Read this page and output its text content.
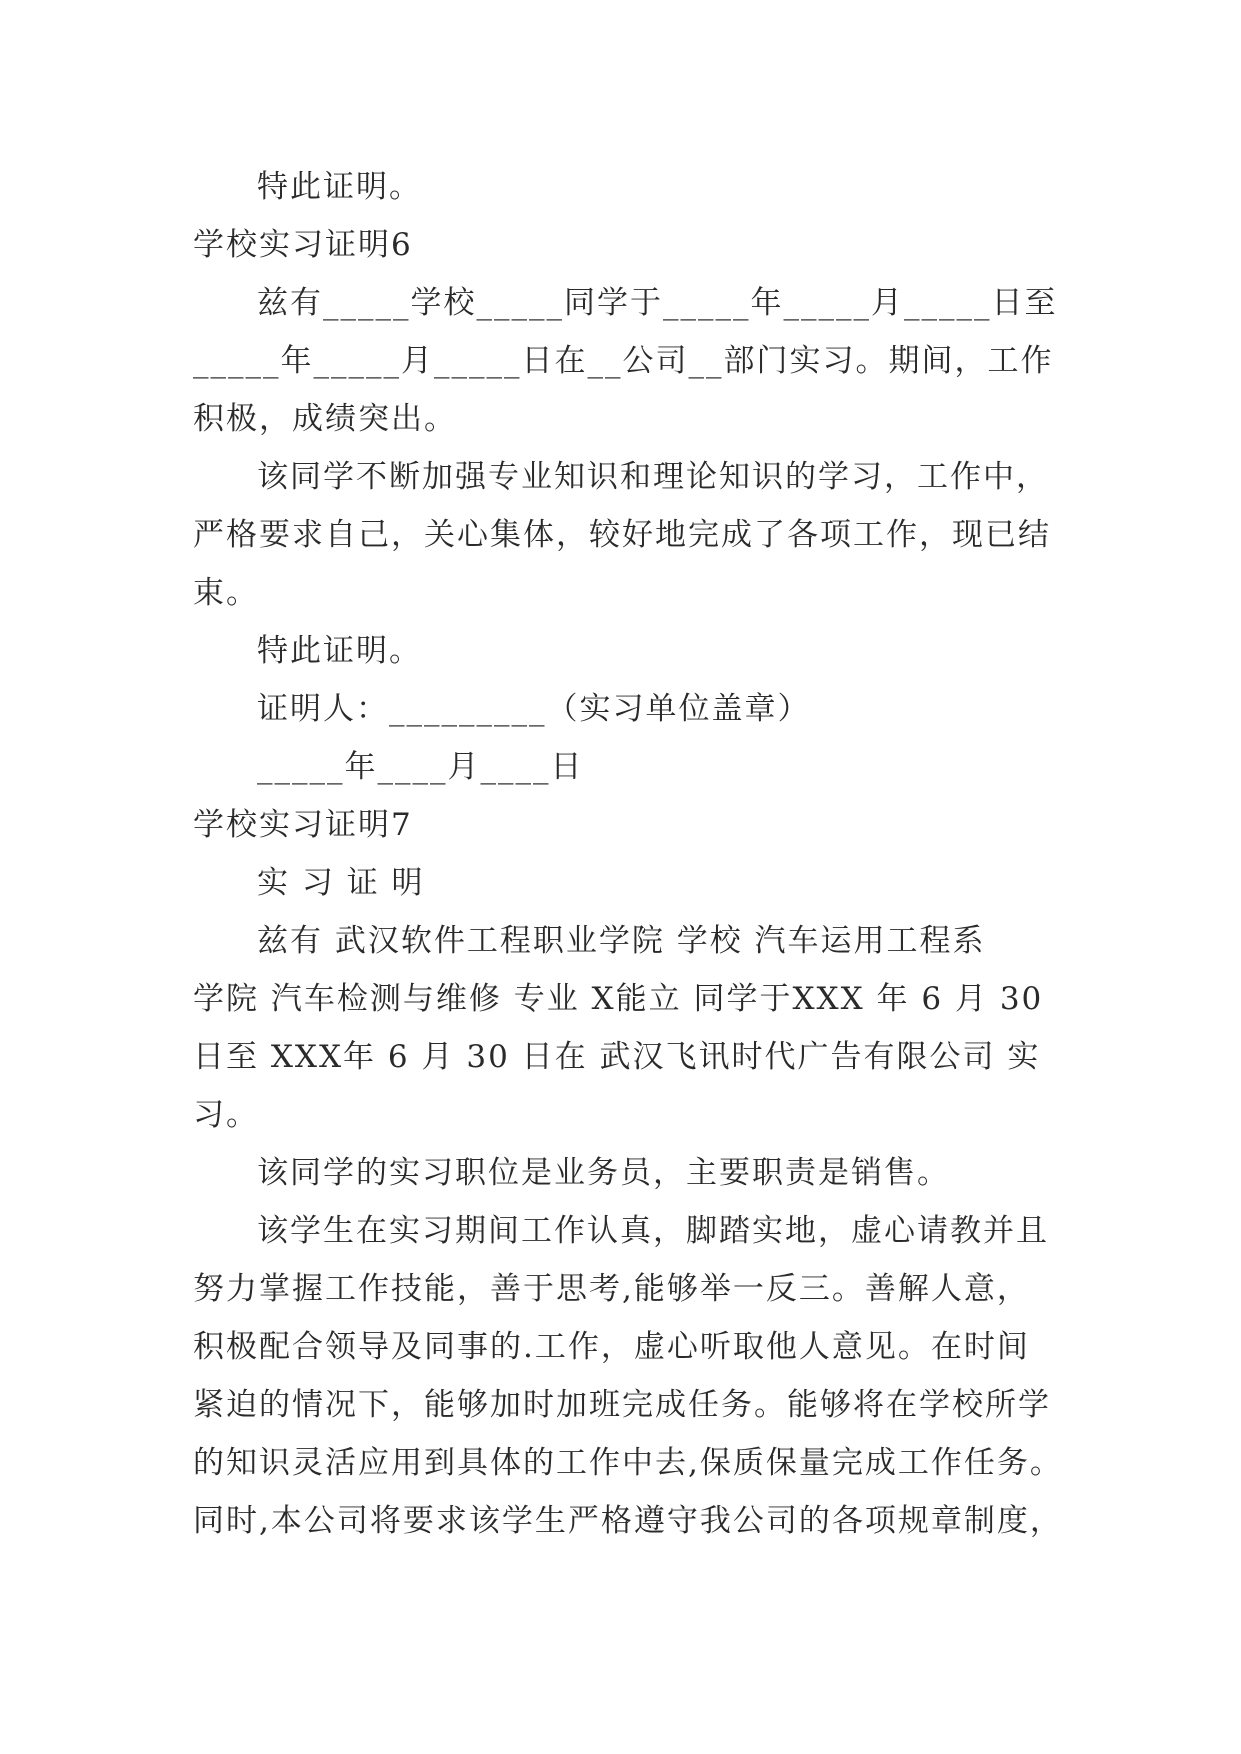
特此证明。
学校实习证明6
兹有_____学校_____同学于_____年_____月_____日至
_____年_____月_____日在__公司__部门实习。期间，工作
积极，成绩突出。
该同学不断加强专业知识和理论知识的学习，工作中，
严格要求自己，关心集体，较好地完成了各项工作，现已结
束。
特此证明。
证明人：_________（实习单位盖章）
_____年____月____日
学校实习证明7
实 习 证 明
兹有 武汉软件工程职业学院 学校 汽车运用工程系
学院 汽车检测与维修 专业 X能立 同学于XXX 年 6 月 30
日至 XXX年 6 月 30 日在 武汉飞讯时代广告有限公司 实
习。
该同学的实习职位是业务员，主要职责是销售。
该学生在实习期间工作认真，脚踏实地，虚心请教并且
努力掌握工作技能，善于思考,能够举一反三。善解人意，
积极配合领导及同事的.工作，虚心听取他人意见。在时间
紧迫的情况下，能够加时加班完成任务。能够将在学校所学
的知识灵活应用到具体的工作中去,保质保量完成工作任务。
同时,本公司将要求该学生严格遵守我公司的各项规章制度，
